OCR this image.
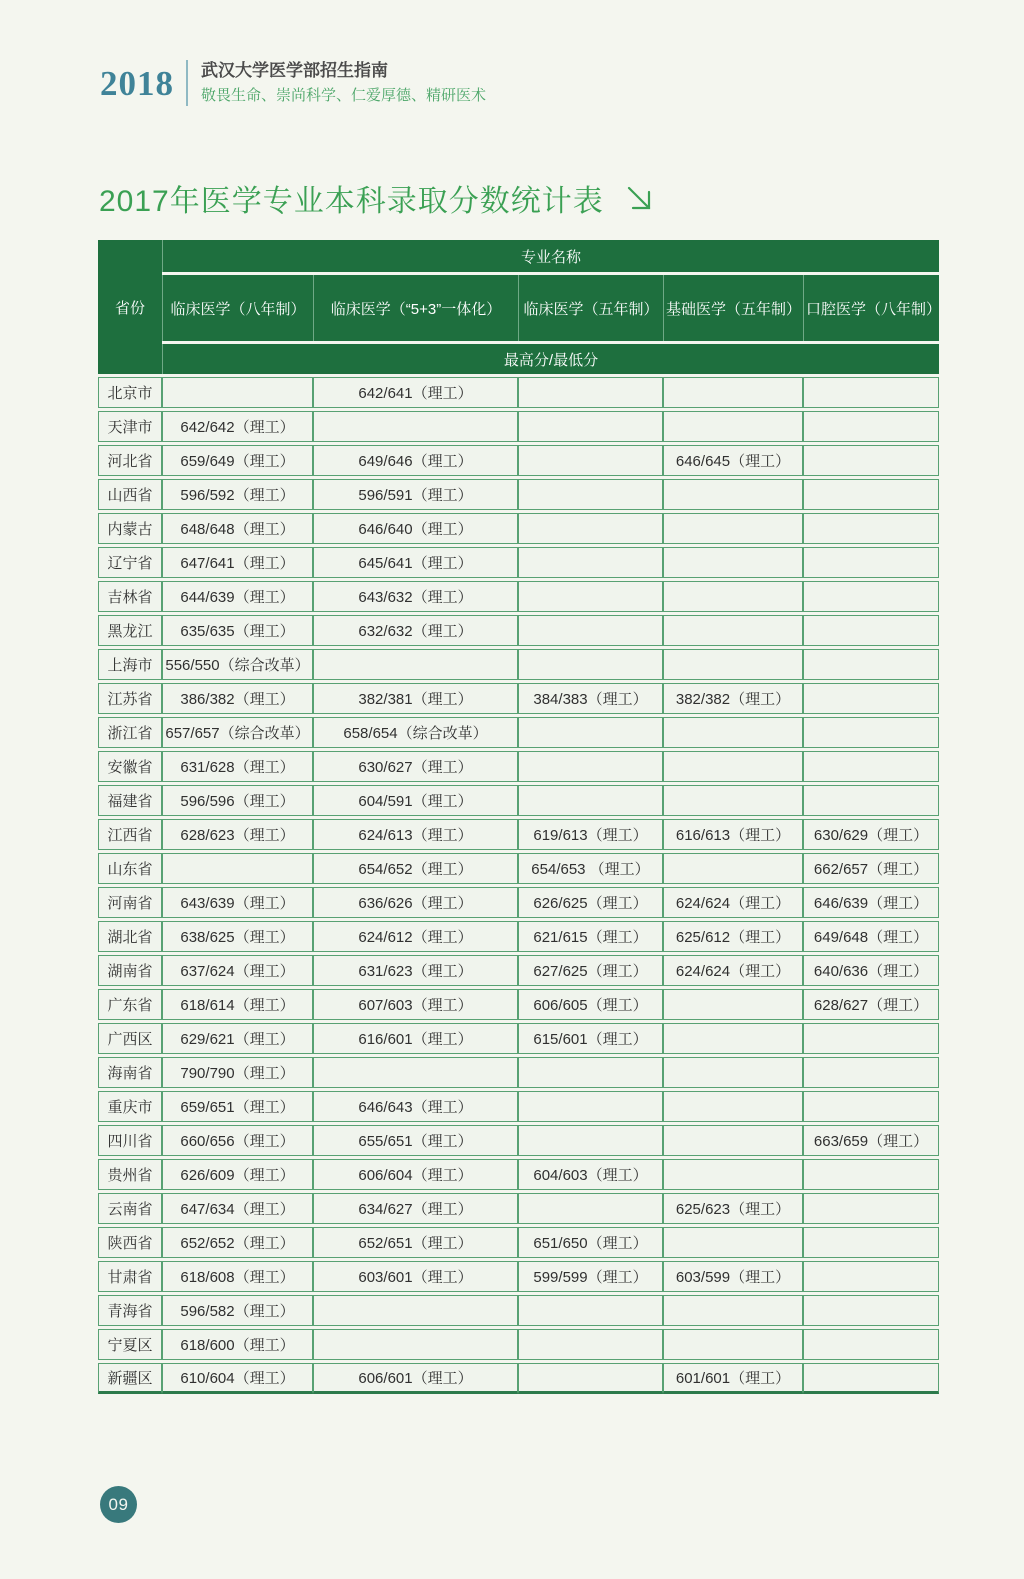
2018 武汉大学医学部招生指南
敬畏生命、崇尚科学、仁爱厚德、精研医术
2017年医学专业本科录取分数统计表
省份	专业名称				
	临床医学（八年制）	临床医学（“5+3”一体化）	临床医学（五年制）	基础医学（五年制）	口腔医学（八年制）
	最高分/最低分				
北京市		642/641（理工）			
天津市	642/642（理工）				
河北省	659/649（理工）	649/646（理工）		646/645（理工）	
山西省	596/592（理工）	596/591（理工）			
内蒙古	648/648（理工）	646/640（理工）			
辽宁省	647/641（理工）	645/641（理工）			
吉林省	644/639（理工）	643/632（理工）			
黑龙江	635/635（理工）	632/632（理工）			
上海市	556/550（综合改革）				
江苏省	386/382（理工）	382/381（理工）	384/383（理工）	382/382（理工）	
浙江省	657/657（综合改革）	658/654（综合改革）			
安徽省	631/628（理工）	630/627（理工）			
福建省	596/596（理工）	604/591（理工）			
江西省	628/623（理工）	624/613（理工）	619/613（理工）	616/613（理工）	630/629（理工）
山东省		654/652（理工）	654/653 （理工）		662/657（理工）
河南省	643/639（理工）	636/626（理工）	626/625（理工）	624/624（理工）	646/639（理工）
湖北省	638/625（理工）	624/612（理工）	621/615（理工）	625/612（理工）	649/648（理工）
湖南省	637/624（理工）	631/623（理工）	627/625（理工）	624/624（理工）	640/636（理工）
广东省	618/614（理工）	607/603（理工）	606/605（理工）		628/627（理工）
广西区	629/621（理工）	616/601（理工）	615/601（理工）		
海南省	790/790（理工）				
重庆市	659/651（理工）	646/643（理工）			
四川省	660/656（理工）	655/651（理工）			663/659（理工）
贵州省	626/609（理工）	606/604（理工）	604/603（理工）		
云南省	647/634（理工）	634/627（理工）		625/623（理工）	
陕西省	652/652（理工）	652/651（理工）	651/650（理工）		
甘肃省	618/608（理工）	603/601（理工）	599/599（理工）	603/599（理工）	
青海省	596/582（理工）				
宁夏区	618/600（理工）				
新疆区	610/604（理工）	606/601（理工）		601/601（理工）	
09
